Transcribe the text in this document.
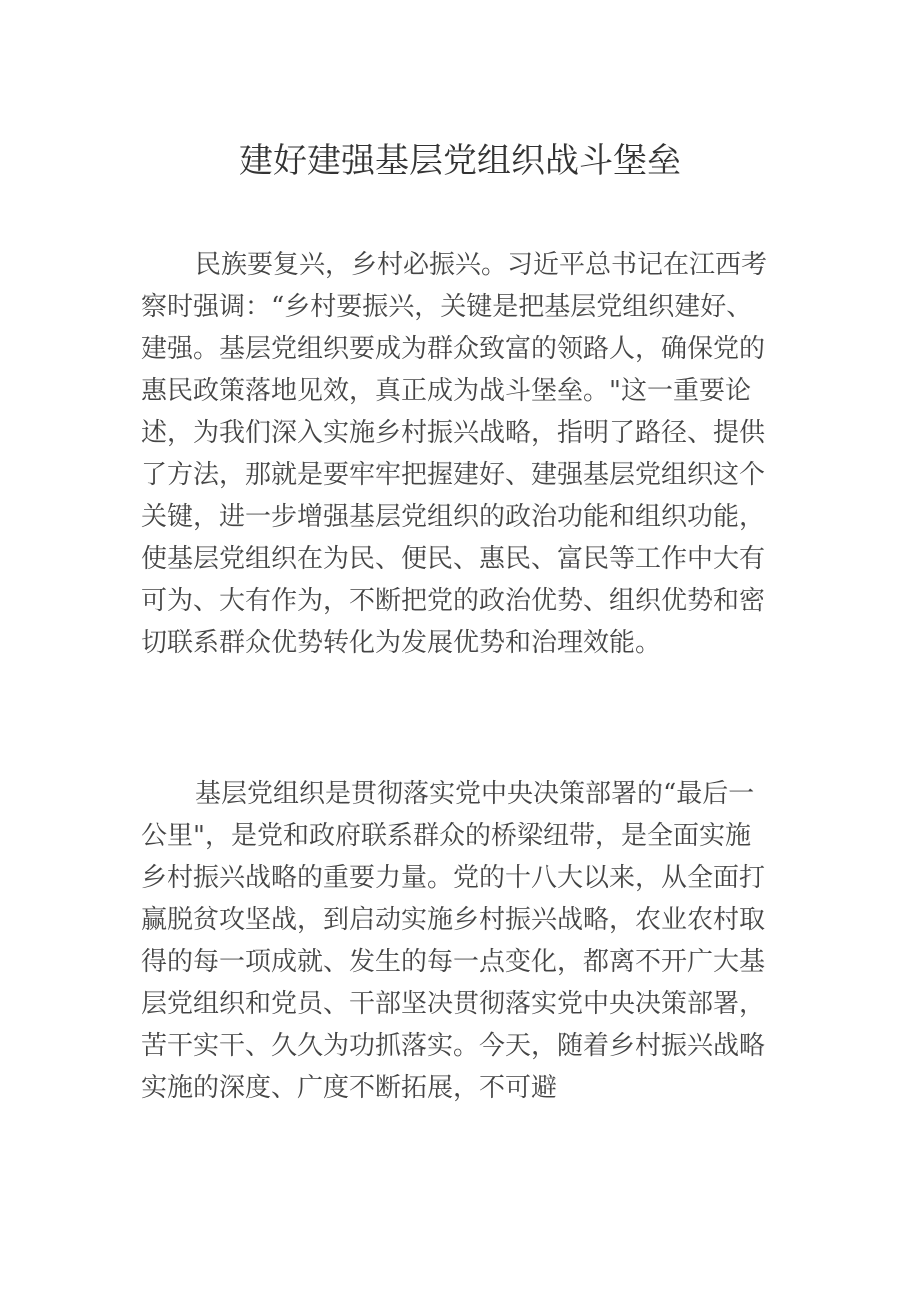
建好建强基层党组织战斗堡垒
民族要复兴，乡村必振兴。习近平总书记在江西考
察时强调：“乡村要振兴，关键是把基层党组织建好、
建强。基层党组织要成为群众致富的领路人，确保党的
惠民政策落地见效，真正成为战斗堡垒。"这一重要论
述，为我们深入实施乡村振兴战略，指明了路径、提供
了方法，那就是要牢牢把握建好、建强基层党组织这个
关键，进一步增强基层党组织的政治功能和组织功能，
使基层党组织在为民、便民、惠民、富民等工作中大有
可为、大有作为，不断把党的政治优势、组织优势和密
切联系群众优势转化为发展优势和治理效能。
基层党组织是贯彻落实党中央决策部署的“最后一
公里"，是党和政府联系群众的桥梁纽带，是全面实施
乡村振兴战略的重要力量。党的十八大以来，从全面打
赢脱贫攻坚战，到启动实施乡村振兴战略，农业农村取
得的每一项成就、发生的每一点变化，都离不开广大基
层党组织和党员、干部坚决贯彻落实党中央决策部署，
苦干实干、久久为功抓落实。今天，随着乡村振兴战略
实施的深度、广度不断拓展，不可避
